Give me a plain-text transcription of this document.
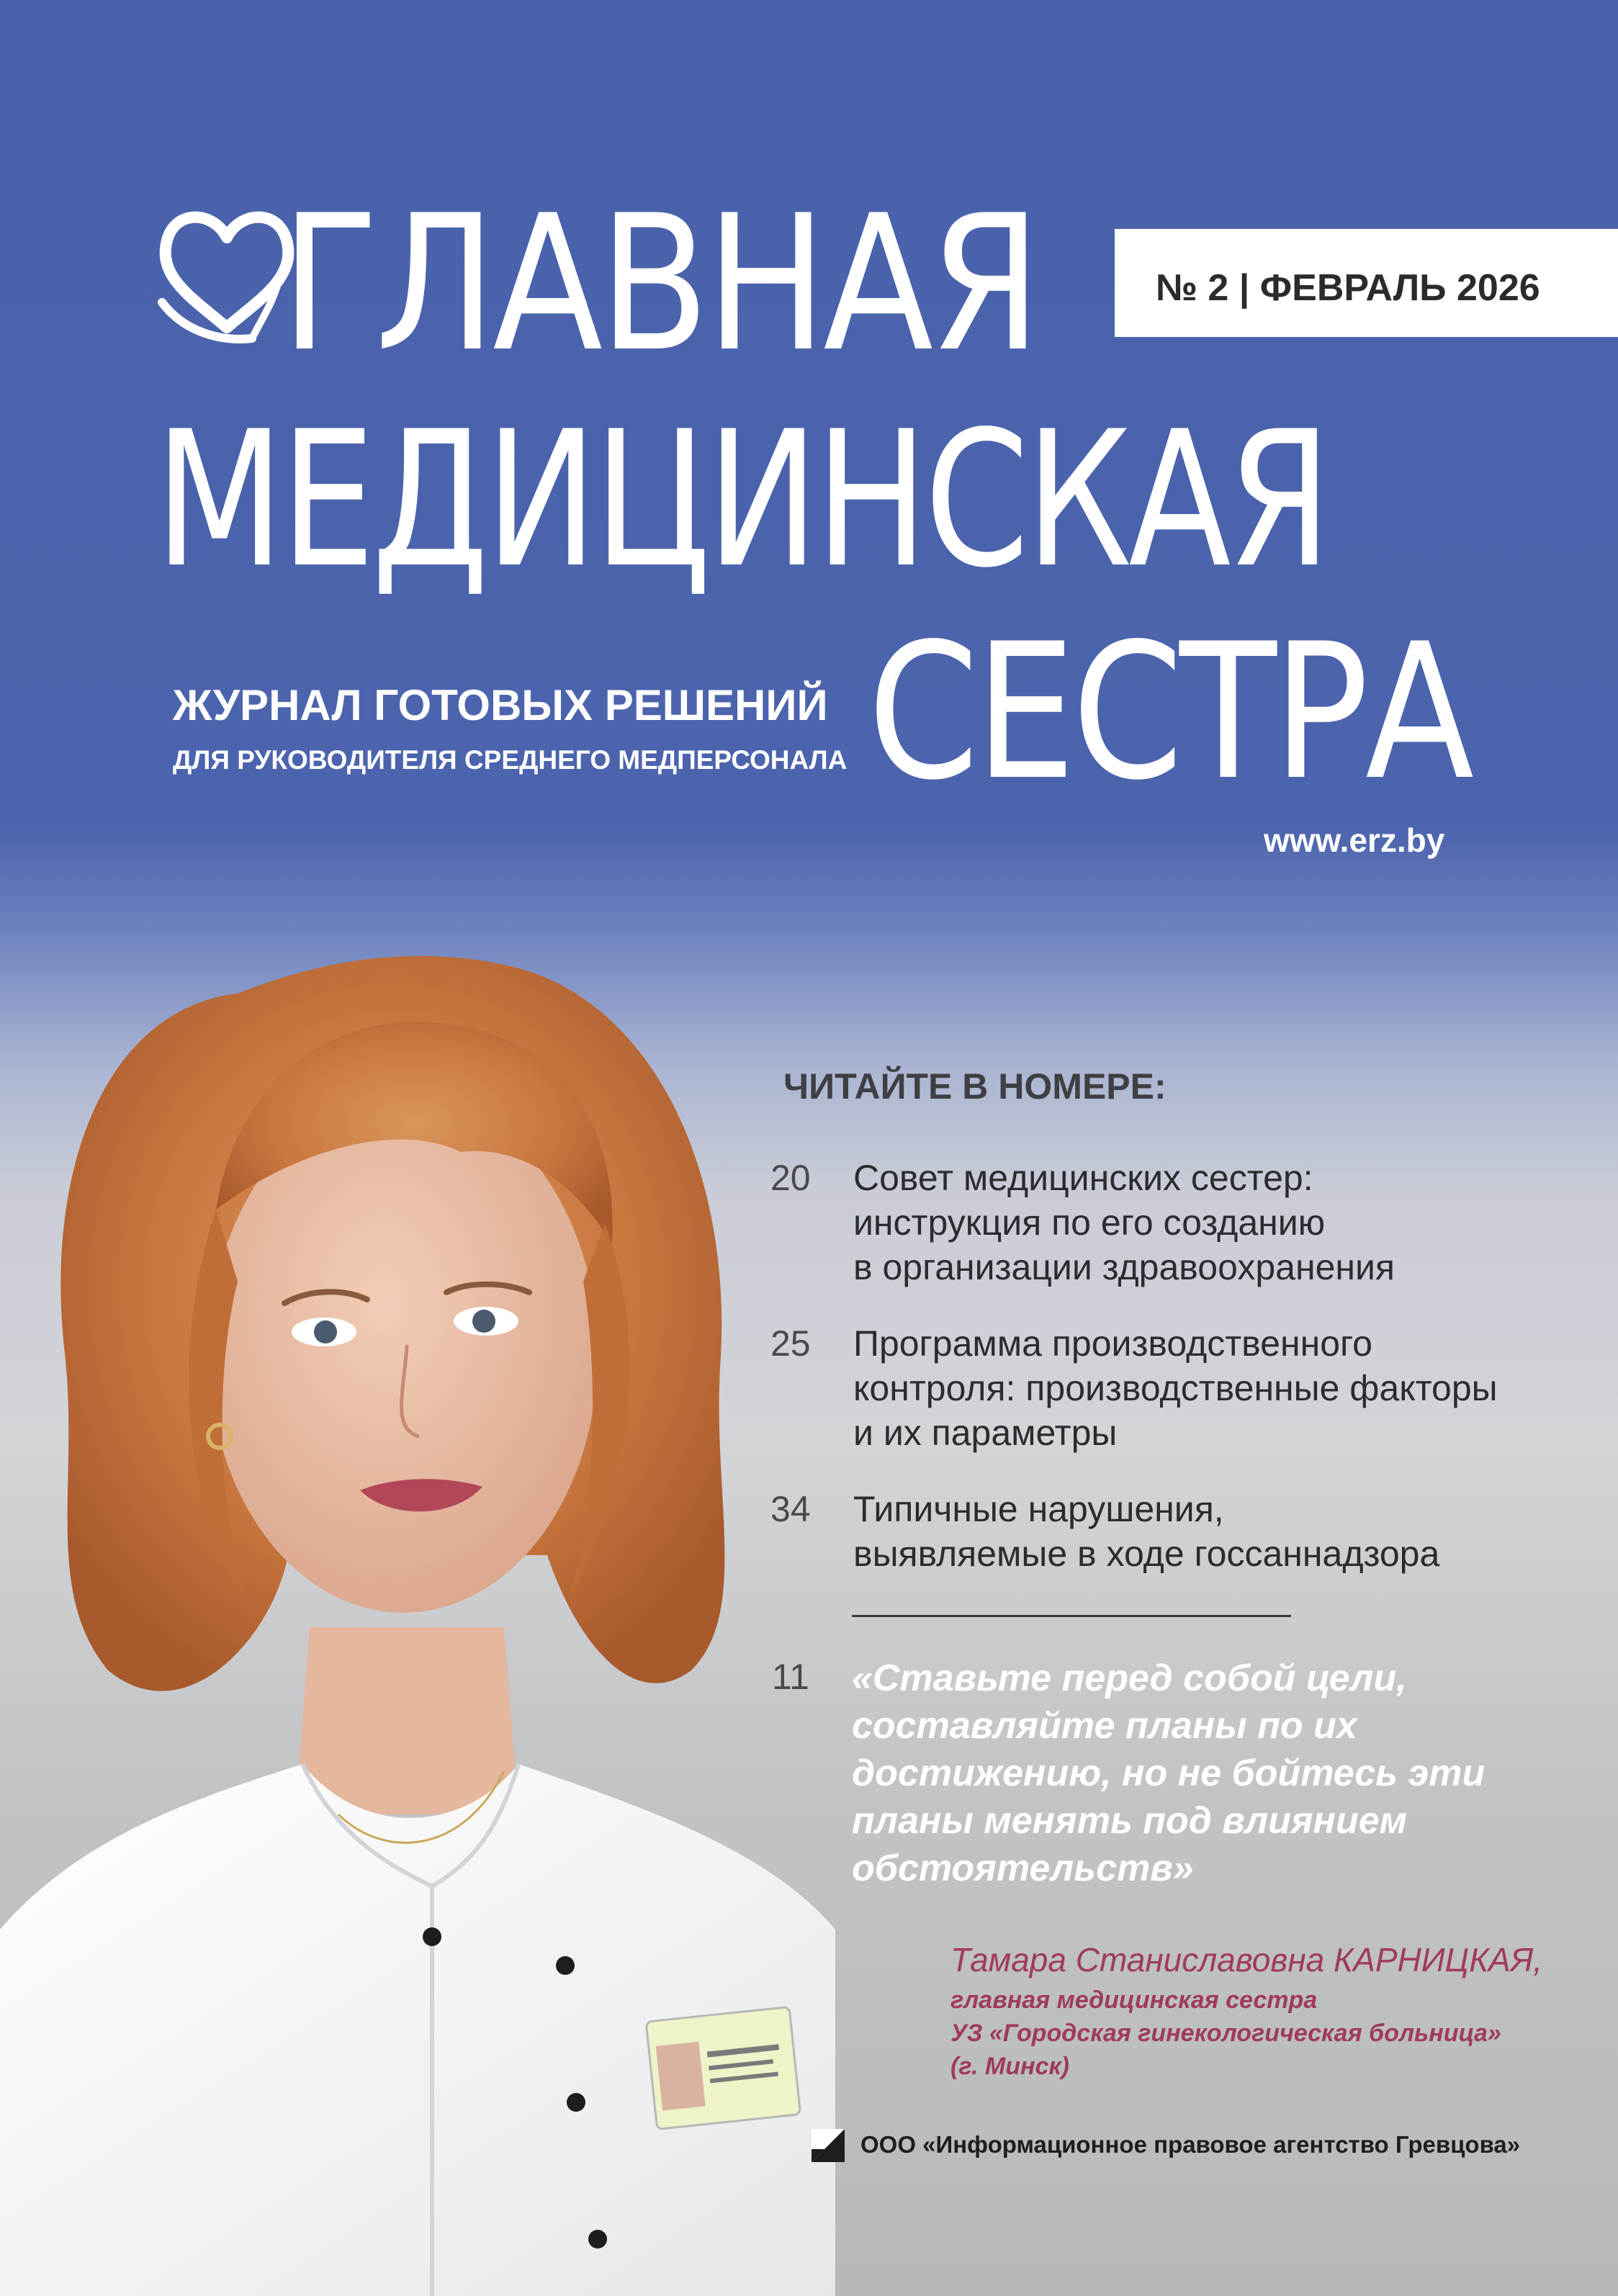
ГЛАВНАЯ
МЕДИЦИНСКАЯ
СЕСТРА
№ 2 | ФЕВРАЛЬ 2026
ЖУРНАЛ ГОТОВЫХ РЕШЕНИЙ
ДЛЯ РУКОВОДИТЕЛЯ СРЕДНЕГО МЕДПЕРСОНАЛА
www.erz.by
ЧИТАЙТЕ В НОМЕРЕ:
20	Совет медицинских сестер:
инструкция по его созданию
в организации здравоохранения
25	Программа производственного
контроля: производственные факторы
и их параметры
34	Типичные нарушения,
выявляемые в ходе госсаннадзора
11 «Ставьте перед собой цели,
составляйте планы по их
достижению, но не бойтесь эти
планы менять под влиянием
обстоятельств»
Тамара Станиславовна КАРНИЦКАЯ,
главная медицинская сестра
УЗ «Городская гинекологическая больница»
(г. Минск)
ООО «Информационное правовое агентство Гревцова»
